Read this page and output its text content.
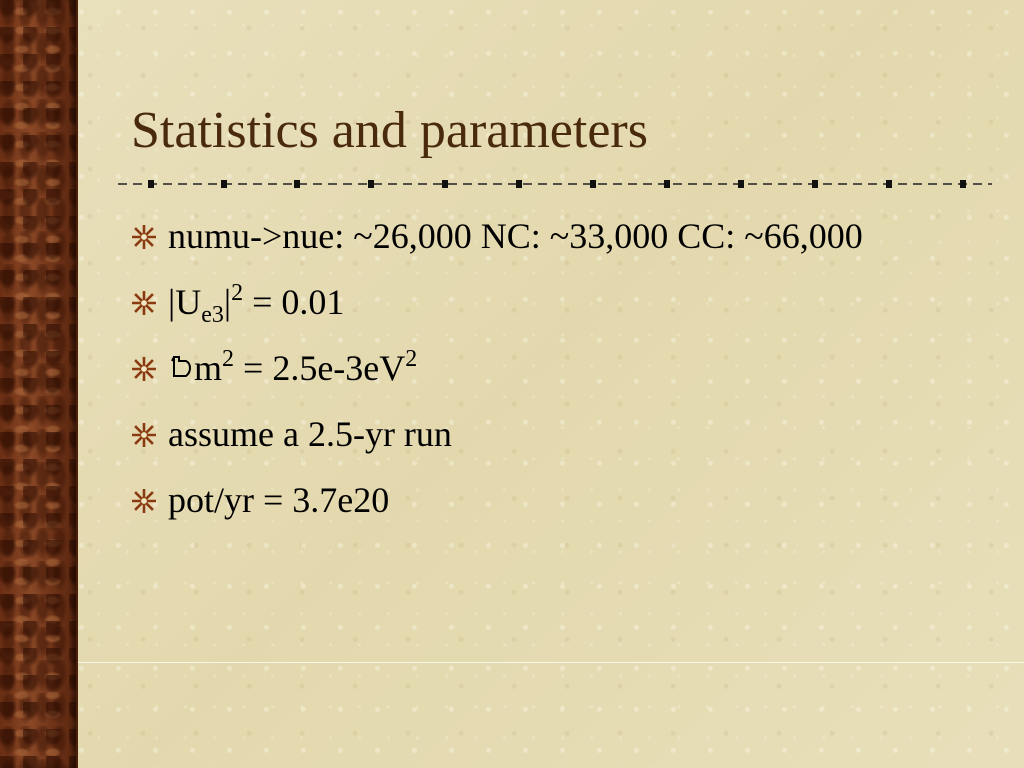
Statistics and parameters
numu->nue: ~26,000 NC: ~33,000 CC: ~66,000
$|U_{e3}|^2 = 0.01$
$m^2 = 2.5e-3eV^2$
assume a 2.5-yr run
pot/yr = 3.7e20
